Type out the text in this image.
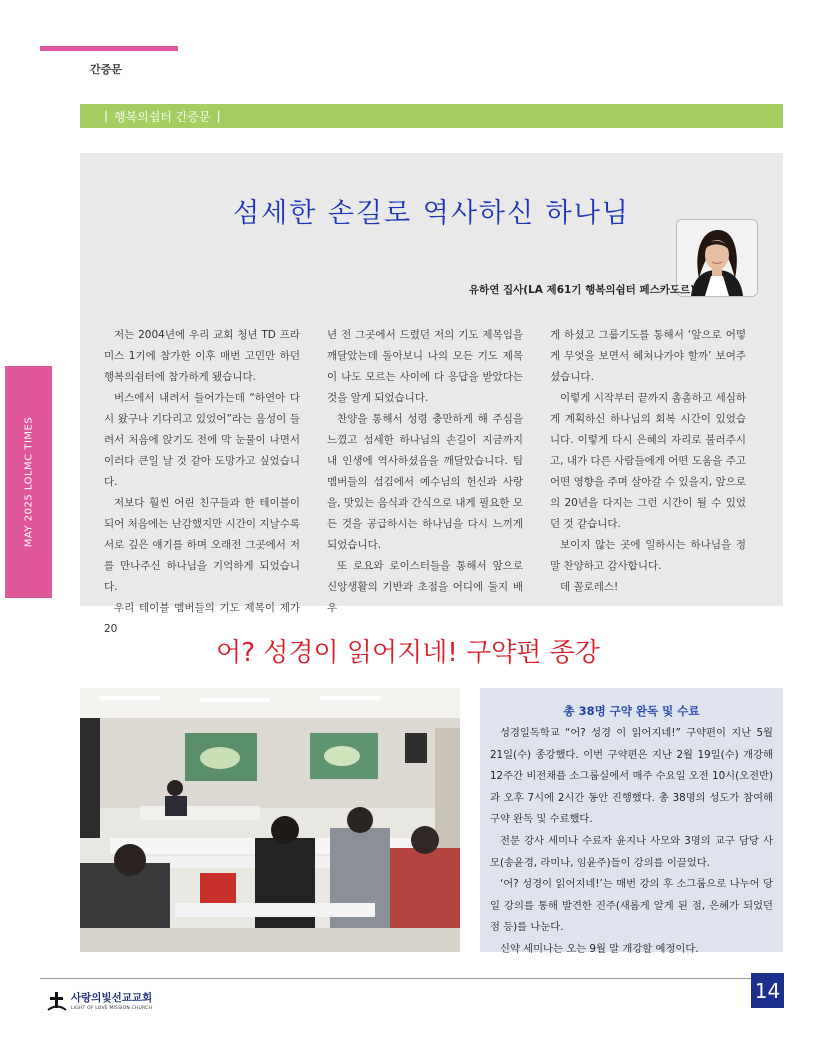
간증문
MAY 2025 LOLMC TIMES
| 행복의쉼터 간증문 |
섬세한 손길로 역사하신 하나님
유하연 집사(LA 제61기 행복의쉼터 페스카도르)

저는 2004년에 우리 교회 청년 TD 프라미스 1기에 참가한 이후 매번 고민만 하던 행복의쉼터에 참가하게 됐습니다.

버스에서 내려서 들어가는데 “하연아 다시 왔구나 기다리고 있었어”라는 음성이 들려서 처음에 앉기도 전에 막 눈물이 나면서 이러다 큰일 날 것 같아 도망가고 싶었습니다.

저보다 훨씬 어린 친구들과 한 테이블이 되어 처음에는 난감했지만 시간이 지날수록 서로 깊은 얘기를 하며 오래전 그곳에서 저를 만나주신 하나님을 기억하게 되었습니다.

우리 테이블 멤버들의 기도 제목이 제가 20

년 전 그곳에서 드렸던 저의 기도 제목임을 깨달았는데 돌아보니 나의 모든 기도 제목이 나도 모르는 사이에 다 응답을 받았다는 것을 알게 되었습니다.

찬양을 통해서 성령 충만하게 해 주심을 느꼈고 섬세한 하나님의 손길이 지금까지 내 인생에 역사하셨음을 깨달았습니다. 팀멤버들의 섬김에서 예수님의 헌신과 사랑을, 맛있는 음식과 간식으로 내게 필요한 모든 것을 공급하시는 하나님을 다시 느끼게 되었습니다.

또 로요와 로이스터들을 통해서 앞으로 신앙생활의 기반과 초점을 어디에 둘지 배우

게 하셨고 그룹기도를 통해서 ‘앞으로 어떻게 무엇을 보면서 헤쳐나가야 할까’ 보여주셨습니다.

이렇게 시작부터 끝까지 촘촘하고 세심하게 계획하신 하나님의 회복 시간이 있었습니다. 이렇게 다시 은혜의 자리로 불러주시고, 내가 다른 사람들에게 어떤 도움을 주고 어떤 영향을 주며 살아갈 수 있을지, 앞으로의 20년을 다지는 그런 시간이 될 수 있었던 것 같습니다.

보이지 않는 곳에 일하시는 하나님을 정말 찬양하고 감사합니다.

데 꼴로레스!

어? 성경이 읽어지네! 구약편 종강
총 38명 구약 완독 및 수료

성경일독학교 “어? 성경 이 읽어지네!” 구약편이 지난 5월 21일(수) 종강했다. 이번 구약편은 지난 2월 19일(수) 개강해 12주간 비전채플 소그룹실에서 매주 수요일 오전 10시(오전반)과 오후 7시에 2시간 동안 진행했다. 총 38명의 성도가 참여해 구약 완독 및 수료했다.

전문 강사 세미나 수료자 윤지나 사모와 3명의 교구 담당 사모(송윤경, 라미나, 임윤주)들이 강의를 이끌었다.

‘어? 성경이 읽어지네!’는 매번 강의 후 소그룹으로 나누어 당일 강의를 통해 발견한 진주(새롭게 알게 된 점, 은혜가 되었던 점 등)를 나눈다.

신약 세미나는 오는 9월 말 개강할 예정이다.

사랑의빛선교교회
LIGHT OF LOVE MISSION CHURCH
14
